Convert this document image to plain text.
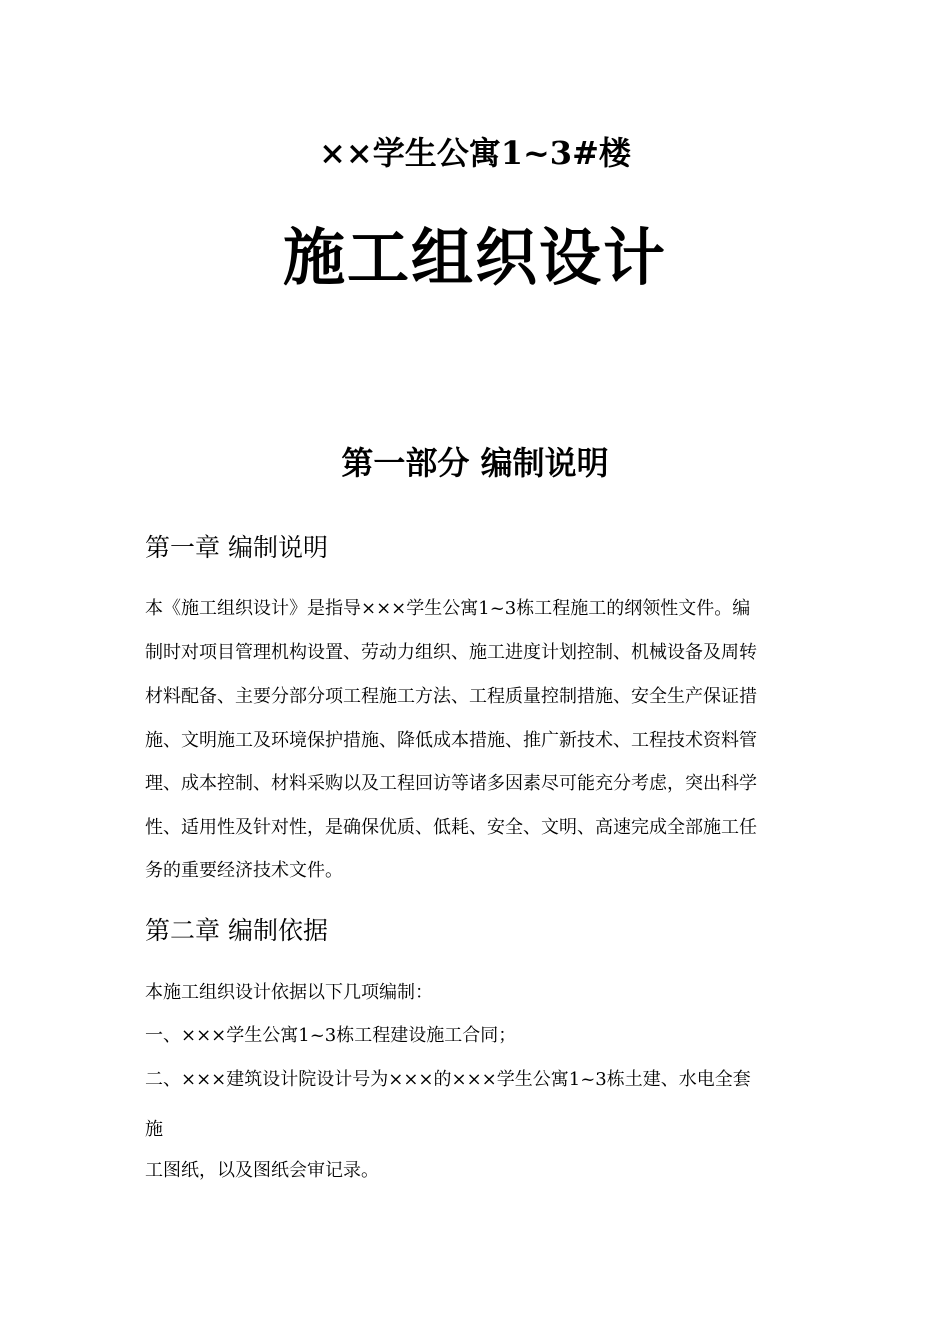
××学生公寓1~3#楼
施工组织设计
第一部分 编制说明
第一章 编制说明
本《施工组织设计》是指导×××学生公寓1~3栋工程施工的纲领性文件。编
制时对项目管理机构设置、劳动力组织、施工进度计划控制、机械设备及周转
材料配备、主要分部分项工程施工方法、工程质量控制措施、安全生产保证措
施、文明施工及环境保护措施、降低成本措施、推广新技术、工程技术资料管
理、成本控制、材料采购以及工程回访等诸多因素尽可能充分考虑，突出科学
性、适用性及针对性，是确保优质、低耗、安全、文明、高速完成全部施工任
务的重要经济技术文件。
第二章 编制依据
本施工组织设计依据以下几项编制：
一、×××学生公寓1~3栋工程建设施工合同；
二、×××建筑设计院设计号为×××的×××学生公寓1~3栋土建、水电全套
施
工图纸，以及图纸会审记录。
